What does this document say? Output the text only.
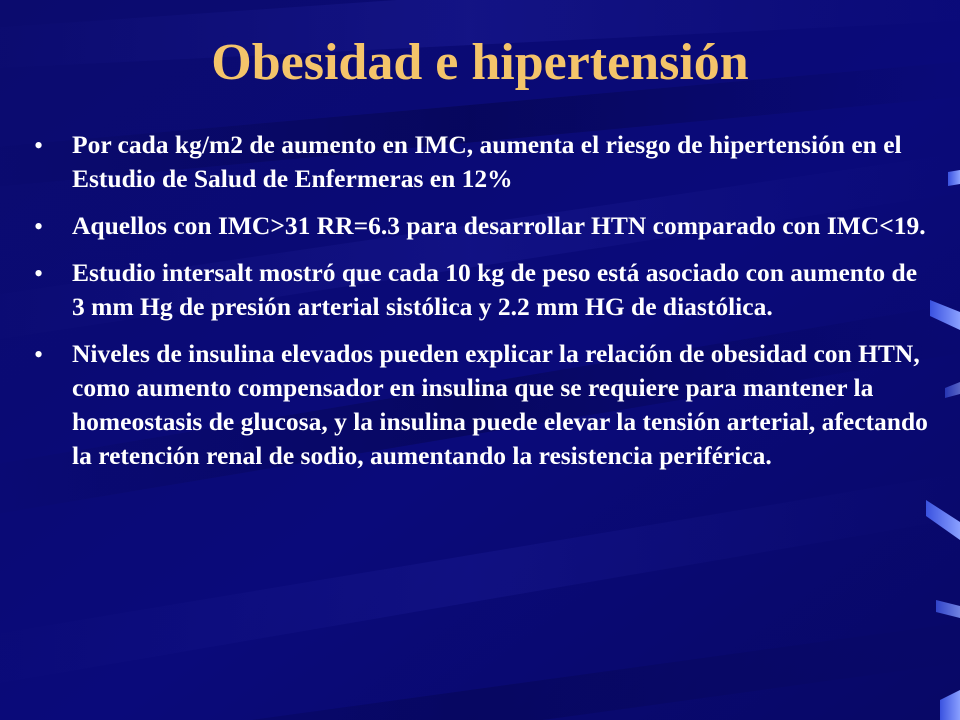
Obesidad e hipertensión
•	Por cada kg/m2 de aumento en IMC, aumenta el riesgo de hipertensión en el Estudio de Salud de Enfermeras en 12%
•	Aquellos con IMC>31 RR=6.3 para desarrollar HTN comparado con IMC<19.
•	Estudio intersalt mostró que cada 10 kg de peso está asociado con aumento de 3 mm Hg de presión arterial sistólica y 2.2 mm HG de diastólica.
•	Niveles de insulina elevados pueden explicar la relación de obesidad con HTN, como aumento compensador en insulina que se requiere para mantener la homeostasis de glucosa, y la insulina puede elevar la tensión arterial, afectando la retención renal de sodio, aumentando la resistencia periférica.
